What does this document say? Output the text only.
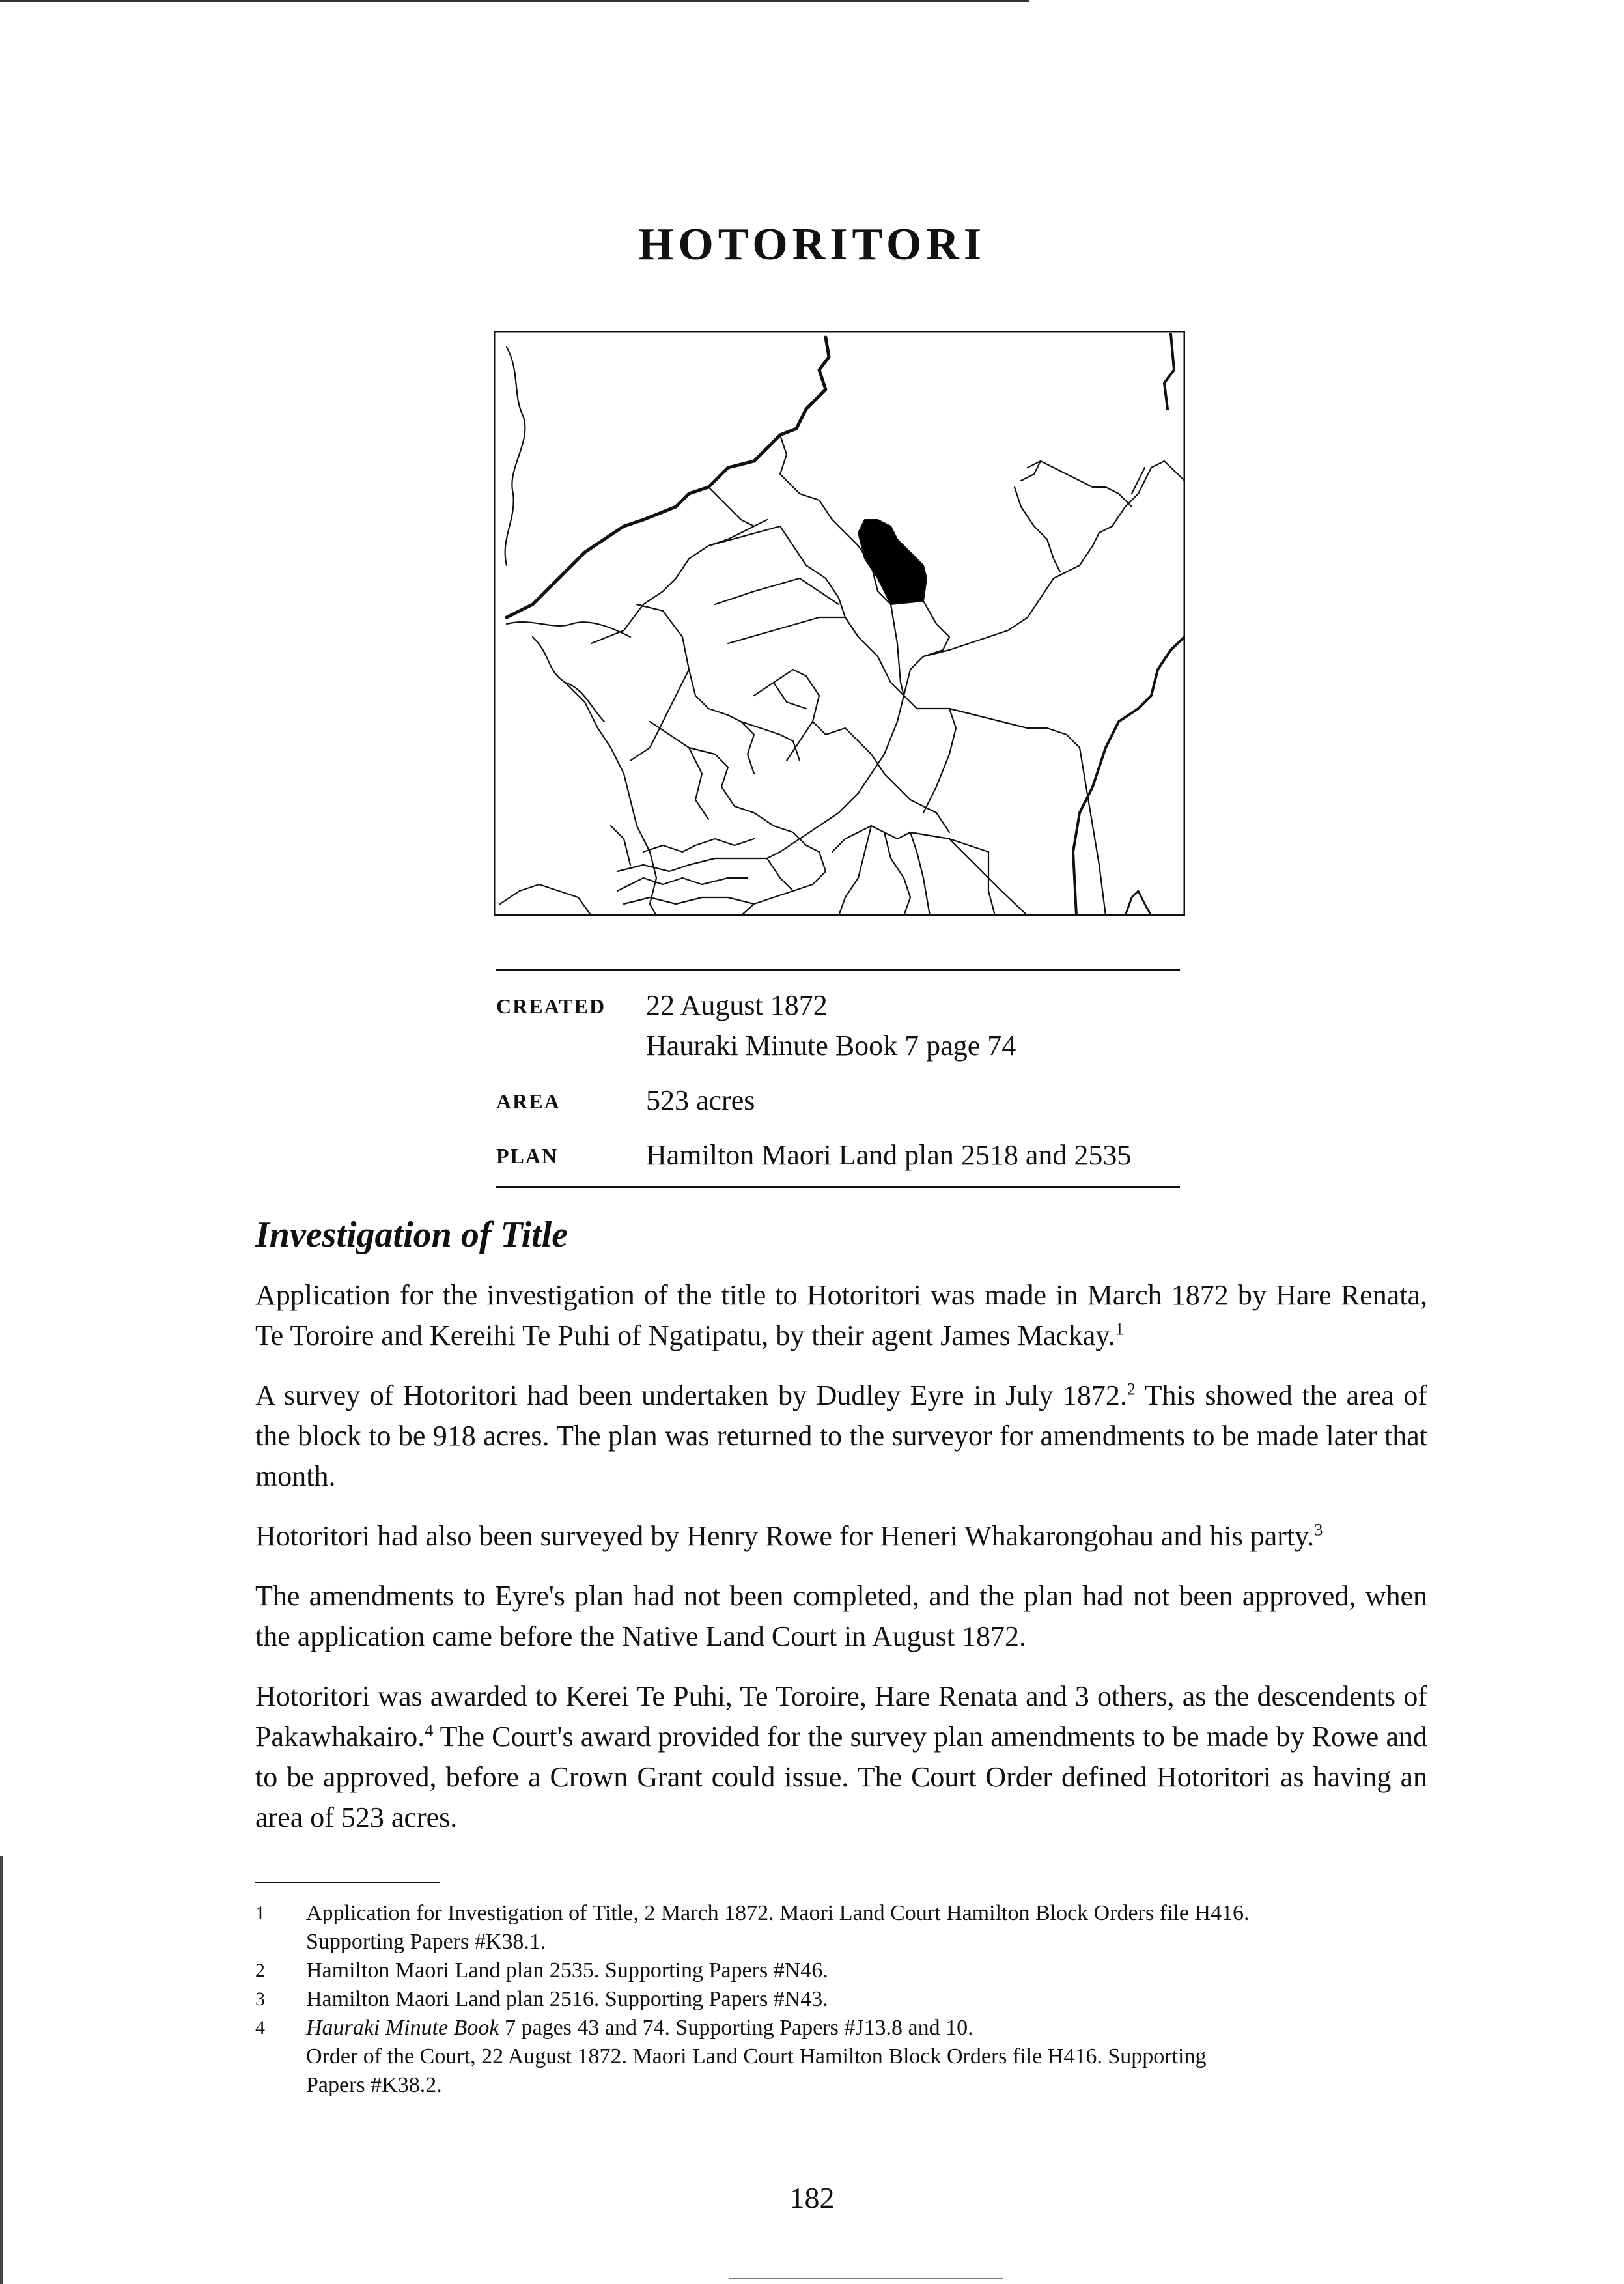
HOTORITORI
CREATED	22 August 1872
Hauraki Minute Book 7 page 74
AREA	523 acres
PLAN	Hamilton Maori Land plan 2518 and 2535
Investigation of Title

Application for the investigation of the title to Hotoritori was made in March 1872 by Hare Renata, Te Toroire and Kereihi Te Puhi of Ngatipatu, by their agent James Mackay.$^1$

A survey of Hotoritori had been undertaken by Dudley Eyre in July 1872.$^2$ This showed the area of the block to be 918 acres. The plan was returned to the surveyor for amendments to be made later that month.

Hotoritori had also been surveyed by Henry Rowe for Heneri Whakarongohau and his party.$^3$

The amendments to Eyre's plan had not been completed, and the plan had not been approved, when the application came before the Native Land Court in August 1872.

Hotoritori was awarded to Kerei Te Puhi, Te Toroire, Hare Renata and 3 others, as the descendents of Pakawhakairo.$^4$ The Court's award provided for the survey plan amendments to be made by Rowe and to be approved, before a Crown Grant could issue. The Court Order defined Hotoritori as having an area of 523 acres.

1	Application for Investigation of Title, 2 March 1872. Maori Land Court Hamilton Block Orders file H416.
Supporting Papers #K38.1.
2	Hamilton Maori Land plan 2535. Supporting Papers #N46.
3	Hamilton Maori Land plan 2516. Supporting Papers #N43.
4	Hauraki Minute Book 7 pages 43 and 74. Supporting Papers #J13.8 and 10.
Order of the Court, 22 August 1872. Maori Land Court Hamilton Block Orders file H416. Supporting
Papers #K38.2.
182
